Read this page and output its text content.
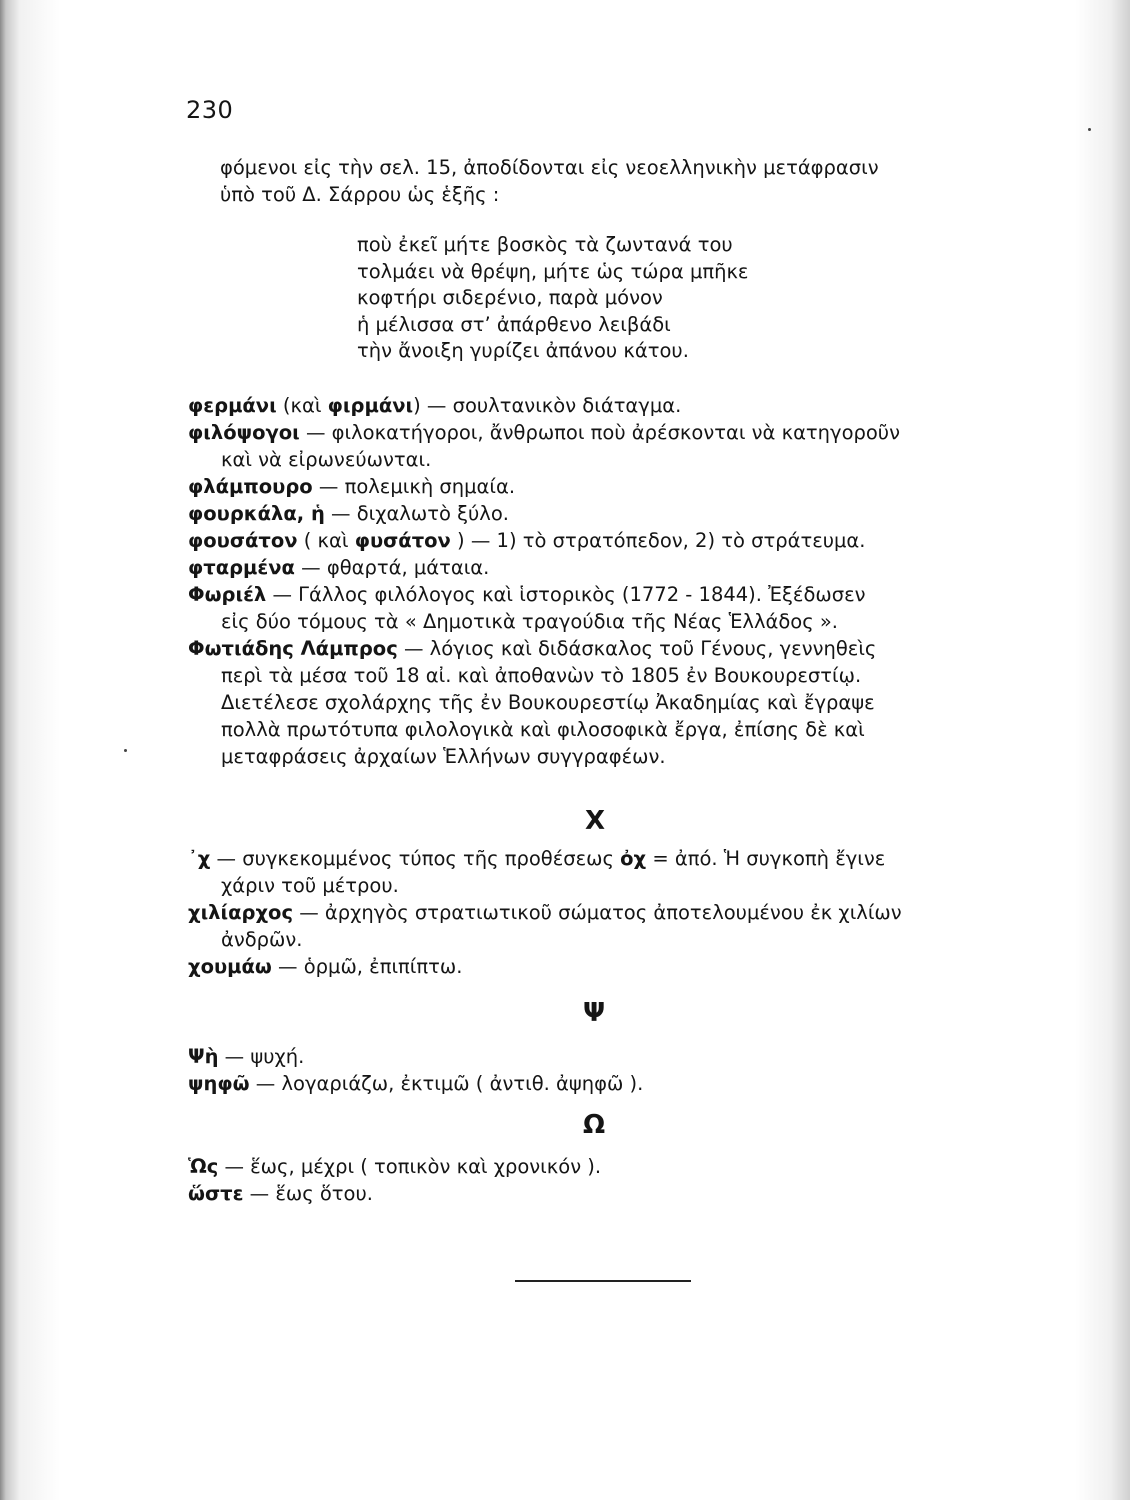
230
φόμενοι εἰς τὴν σελ. 15, ἀποδίδονται εἰς νεοελληνικὴν μετάφρασιν
ὑπὸ τοῦ Δ. Σάρρου ὡς ἑξῆς :
ποὺ ἐκεῖ μήτε βοσκὸς τὰ ζωντανά του
τολμάει νὰ θρέψη, μήτε ὡς τώρα μπῆκε
κοφτήρι σιδερένιο, παρὰ μόνον
ἡ μέλισσα στ’ ἀπάρθενο λειβάδι
τὴν ἄνοιξη γυρίζει ἀπάνου κάτου.
φερμάνι (καὶ φιρμάνι) — σουλτανικὸν διάταγμα.
φιλόψογοι — φιλοκατήγοροι, ἄνθρωποι ποὺ ἀρέσκονται νὰ κατηγοροῦν
καὶ νὰ εἰρωνεύωνται.
φλάμπουρο — πολεμικὴ σημαία.
φουρκάλα, ἡ — διχαλωτὸ ξύλο.
φουσάτον ( καὶ φυσάτον ) — 1) τὸ στρατόπεδον, 2) τὸ στράτευμα.
φταρμένα — φθαρτά, μάταια.
Φωριέλ — Γάλλος φιλόλογος καὶ ἱστορικὸς (1772 - 1844). Ἐξέδωσεν
εἰς δύο τόμους τὰ « Δημοτικὰ τραγούδια τῆς Νέας Ἑλλάδος ».
Φωτιάδης Λάμπρος — λόγιος καὶ διδάσκαλος τοῦ Γένους, γεννηθεὶς
περὶ τὰ μέσα τοῦ 18 αἰ. καὶ ἀποθανὼν τὸ 1805 ἐν Βουκουρεστίῳ.
Διετέλεσε σχολάρχης τῆς ἐν Βουκουρεστίῳ Ἀκαδημίας καὶ ἔγραψε
πολλὰ πρωτότυπα φιλολογικὰ καὶ φιλοσοφικὰ ἔργα, ἐπίσης δὲ καὶ
μεταφράσεις ἀρχαίων Ἑλλήνων συγγραφέων.
Χ
᾿χ — συγκεκομμένος τύπος τῆς προθέσεως ὀχ = ἀπό. Ἡ συγκοπὴ ἔγινε
χάριν τοῦ μέτρου.
χιλίαρχος — ἀρχηγὸς στρατιωτικοῦ σώματος ἀποτελουμένου ἐκ χιλίων
ἀνδρῶν.
χουμάω — ὁρμῶ, ἐπιπίπτω.
Ψ
Ψὴ — ψυχή.
ψηφῶ — λογαριάζω, ἐκτιμῶ ( ἀντιθ. ἀψηφῶ ).
Ω
Ὡς — ἕως, μέχρι ( τοπικὸν καὶ χρονικόν ).
ὥστε — ἕως ὅτου.
